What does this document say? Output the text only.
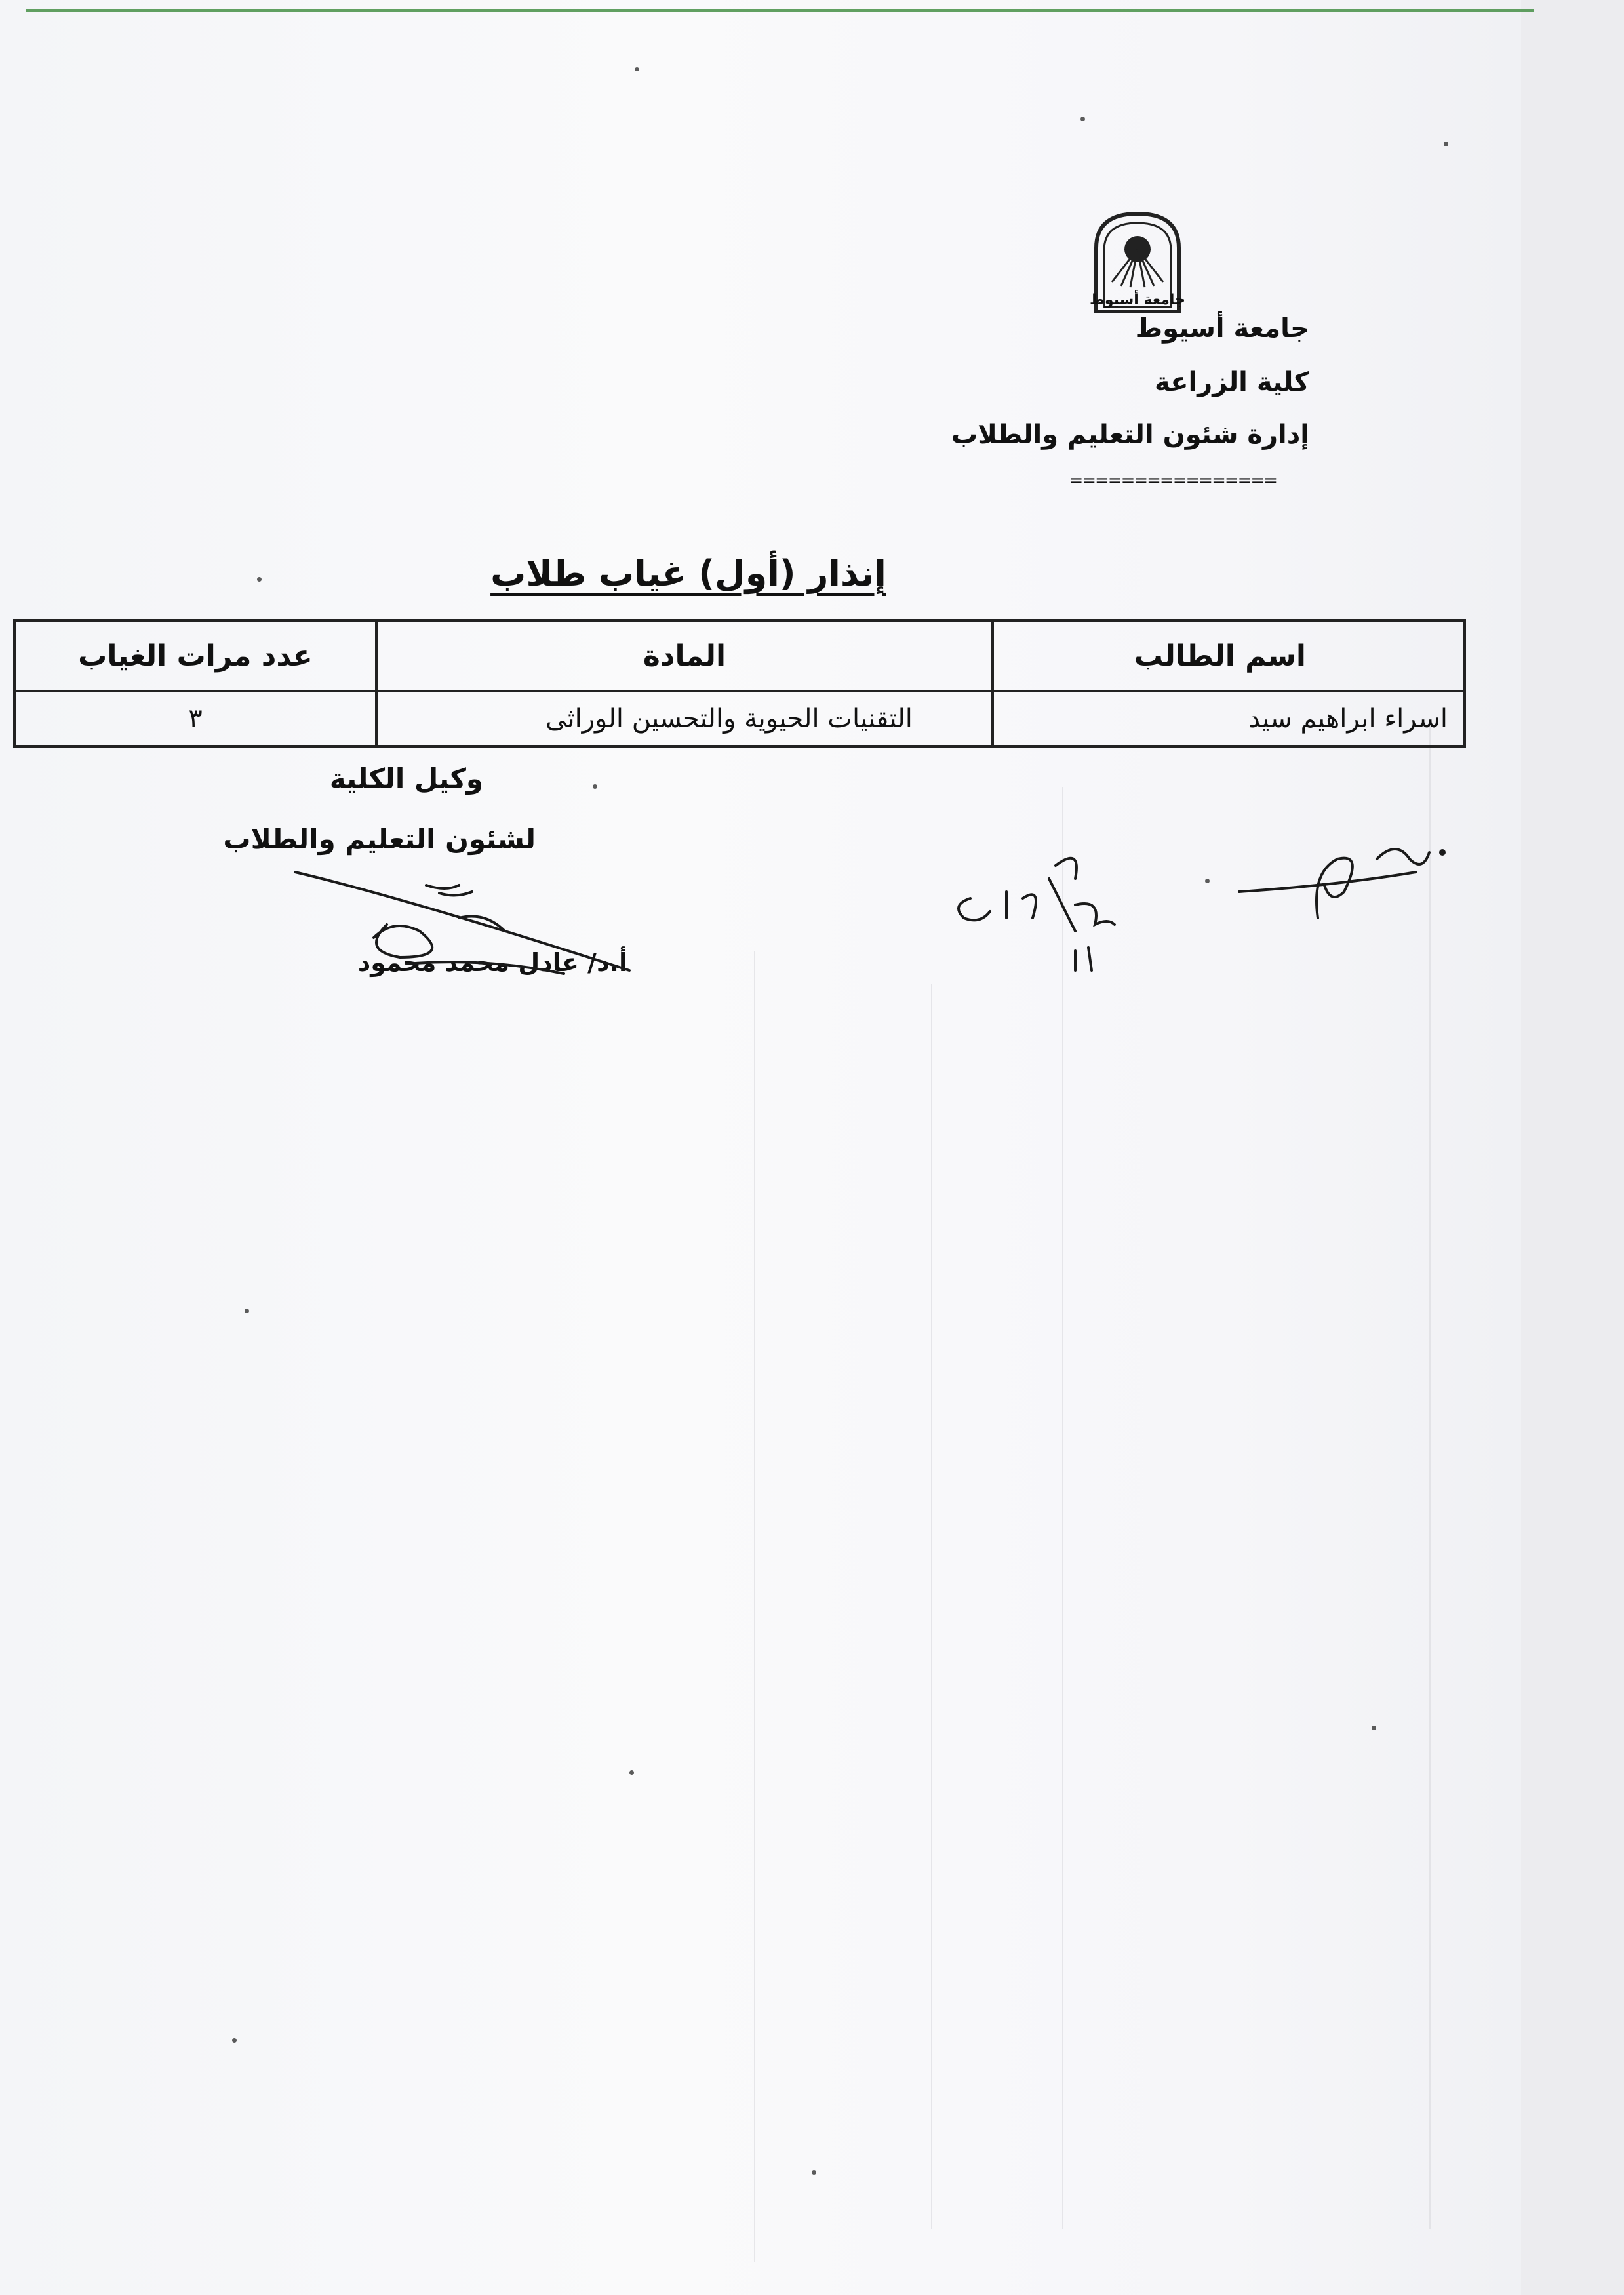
جامعة أسيوط
جامعة أسيوط
كلية الزراعة
إدارة شئون التعليم والطلاب
================
إنذار (أول) غياب طلاب
اسم الطالب	المادة	عدد مرات الغياب
اسراء ابراهيم سيد	التقنيات الحيوية والتحسين الوراثى	٣
وكيل الكلية
لشئون التعليم والطلاب
أ.د/ عادل محمد محمود
